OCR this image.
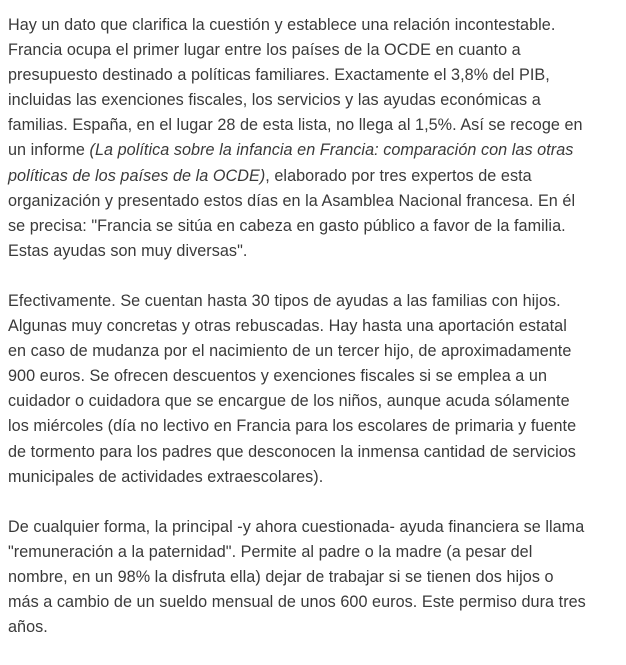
Hay un dato que clarifica la cuestión y establece una relación incontestable. Francia ocupa el primer lugar entre los países de la OCDE en cuanto a presupuesto destinado a políticas familiares. Exactamente el 3,8% del PIB, incluidas las exenciones fiscales, los servicios y las ayudas económicas a familias. España, en el lugar 28 de esta lista, no llega al 1,5%. Así se recoge en un informe (La política sobre la infancia en Francia: comparación con las otras políticas de los países de la OCDE), elaborado por tres expertos de esta organización y presentado estos días en la Asamblea Nacional francesa. En él se precisa: "Francia se sitúa en cabeza en gasto público a favor de la familia. Estas ayudas son muy diversas".

Efectivamente. Se cuentan hasta 30 tipos de ayudas a las familias con hijos. Algunas muy concretas y otras rebuscadas. Hay hasta una aportación estatal en caso de mudanza por el nacimiento de un tercer hijo, de aproximadamente 900 euros. Se ofrecen descuentos y exenciones fiscales si se emplea a un cuidador o cuidadora que se encargue de los niños, aunque acuda sólamente los miércoles (día no lectivo en Francia para los escolares de primaria y fuente de tormento para los padres que desconocen la inmensa cantidad de servicios municipales de actividades extraescolares).

De cualquier forma, la principal -y ahora cuestionada- ayuda financiera se llama "remuneración a la paternidad". Permite al padre o la madre (a pesar del nombre, en un 98% la disfruta ella) dejar de trabajar si se tienen dos hijos o más a cambio de un sueldo mensual de unos 600 euros. Este permiso dura tres años.
